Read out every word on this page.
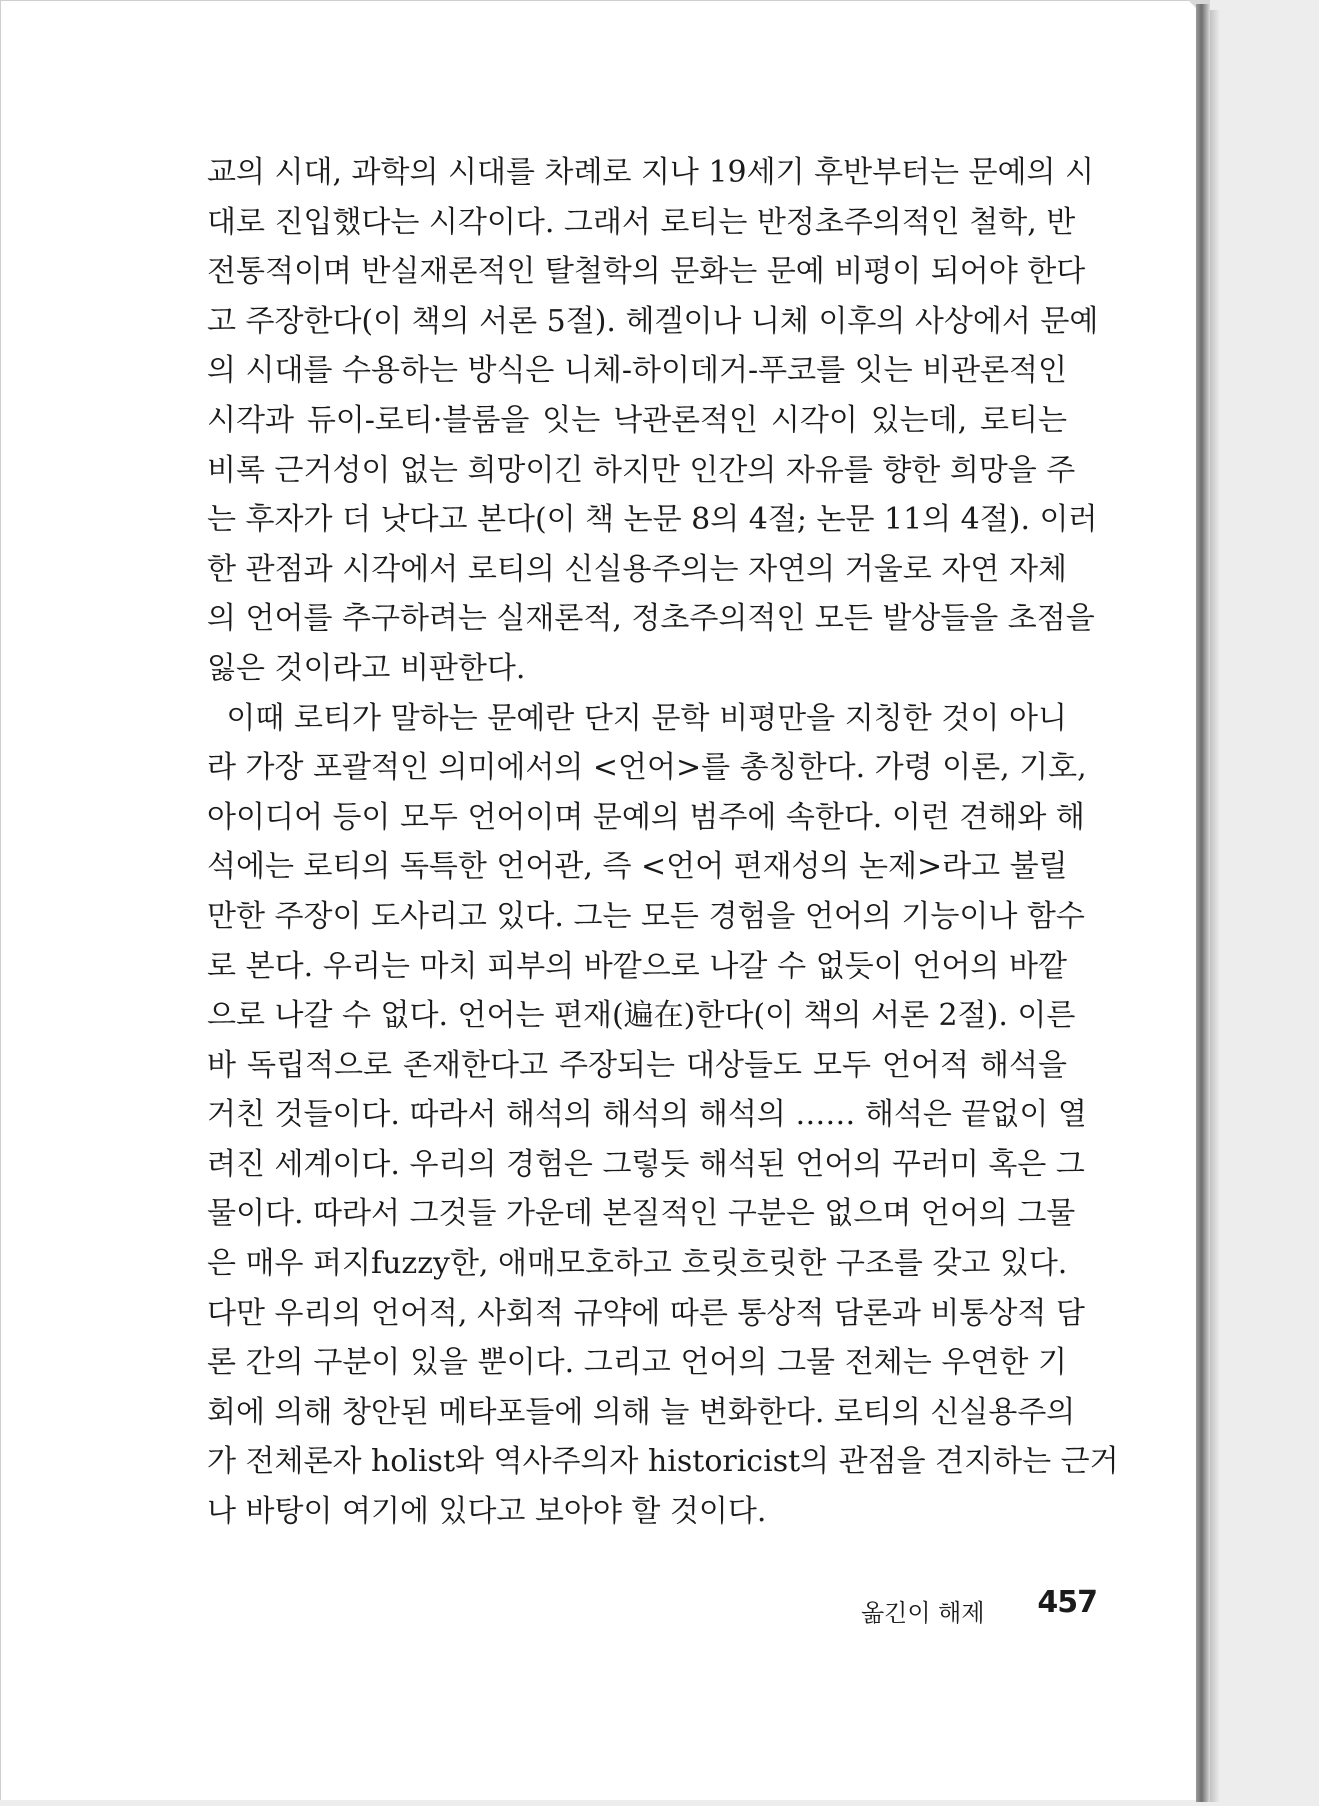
교의 시대, 과학의 시대를 차례로 지나 19세기 후반부터는 문예의 시
대로 진입했다는 시각이다. 그래서 로티는 반정초주의적인 철학, 반
전통적이며 반실재론적인 탈철학의 문화는 문예 비평이 되어야 한다
고 주장한다(이 책의 서론 5절). 헤겔이나 니체 이후의 사상에서 문예
의 시대를 수용하는 방식은 니체-하이데거-푸코를 잇는 비관론적인
시각과 듀이-로티·블룸을 잇는 낙관론적인 시각이 있는데, 로티는
비록 근거성이 없는 희망이긴 하지만 인간의 자유를 향한 희망을 주
는 후자가 더 낫다고 본다(이 책 논문 8의 4절; 논문 11의 4절). 이러
한 관점과 시각에서 로티의 신실용주의는 자연의 거울로 자연 자체
의 언어를 추구하려는 실재론적, 정초주의적인 모든 발상들을 초점을
잃은 것이라고 비판한다.
이때 로티가 말하는 문예란 단지 문학 비평만을 지칭한 것이 아니
라 가장 포괄적인 의미에서의 <언어>를 총칭한다. 가령 이론, 기호,
아이디어 등이 모두 언어이며 문예의 범주에 속한다. 이런 견해와 해
석에는 로티의 독특한 언어관, 즉 <언어 편재성의 논제>라고 불릴
만한 주장이 도사리고 있다. 그는 모든 경험을 언어의 기능이나 함수
로 본다. 우리는 마치 피부의 바깥으로 나갈 수 없듯이 언어의 바깥
으로 나갈 수 없다. 언어는 편재(遍在)한다(이 책의 서론 2절). 이른
바 독립적으로 존재한다고 주장되는 대상들도 모두 언어적 해석을
거친 것들이다. 따라서 해석의 해석의 해석의 …… 해석은 끝없이 열
려진 세계이다. 우리의 경험은 그렇듯 해석된 언어의 꾸러미 혹은 그
물이다. 따라서 그것들 가운데 본질적인 구분은 없으며 언어의 그물
은 매우 퍼지fuzzy한, 애매모호하고 흐릿흐릿한 구조를 갖고 있다.
다만 우리의 언어적, 사회적 규약에 따른 통상적 담론과 비통상적 담
론 간의 구분이 있을 뿐이다. 그리고 언어의 그물 전체는 우연한 기
회에 의해 창안된 메타포들에 의해 늘 변화한다. 로티의 신실용주의
가 전체론자 holist와 역사주의자 historicist의 관점을 견지하는 근거
나 바탕이 여기에 있다고 보아야 할 것이다.
옮긴이 해제 457
